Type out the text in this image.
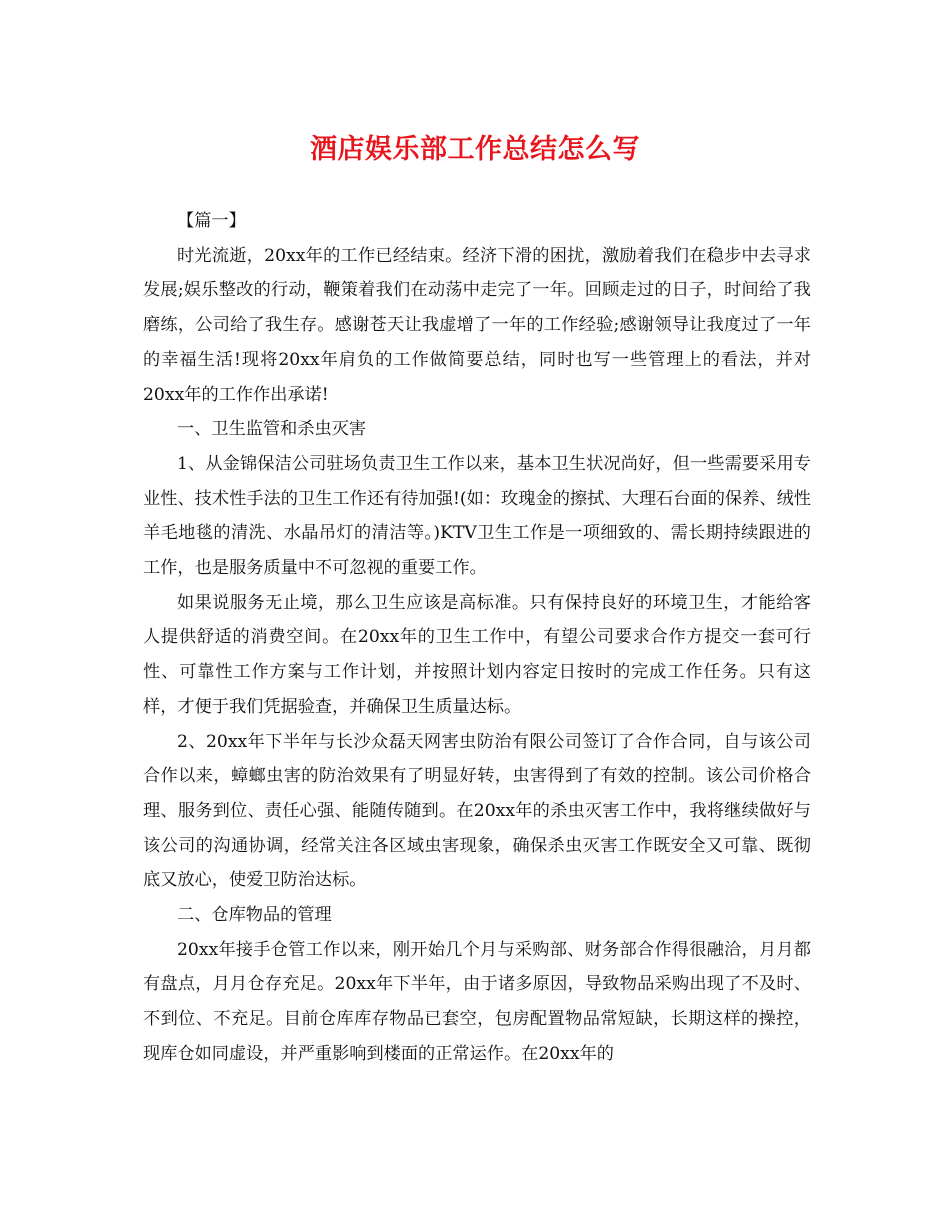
酒店娱乐部工作总结怎么写

【篇一】

时光流逝，20xx年的工作已经结束。经济下滑的困扰，激励着我们在稳步中去寻求发展;娱乐整改的行动，鞭策着我们在动荡中走完了一年。回顾走过的日子，时间给了我磨练，公司给了我生存。感谢苍天让我虚增了一年的工作经验;感谢领导让我度过了一年的幸福生活!现将20xx年肩负的工作做简要总结，同时也写一些管理上的看法，并对20xx年的工作作出承诺!

一、卫生监管和杀虫灭害

1、从金锦保洁公司驻场负责卫生工作以来，基本卫生状况尚好，但一些需要采用专业性、技术性手法的卫生工作还有待加强!(如：玫瑰金的擦拭、大理石台面的保养、绒性羊毛地毯的清洗、水晶吊灯的清洁等。)KTV卫生工作是一项细致的、需长期持续跟进的工作，也是服务质量中不可忽视的重要工作。

如果说服务无止境，那么卫生应该是高标准。只有保持良好的环境卫生，才能给客人提供舒适的消费空间。在20xx年的卫生工作中，有望公司要求合作方提交一套可行性、可靠性工作方案与工作计划，并按照计划内容定日按时的完成工作任务。只有这样，才便于我们凭据验查，并确保卫生质量达标。

2、20xx年下半年与长沙众磊天网害虫防治有限公司签订了合作合同，自与该公司合作以来，蟑螂虫害的防治效果有了明显好转，虫害得到了有效的控制。该公司价格合理、服务到位、责任心强、能随传随到。在20xx年的杀虫灭害工作中，我将继续做好与该公司的沟通协调，经常关注各区域虫害现象，确保杀虫灭害工作既安全又可靠、既彻底又放心，使爱卫防治达标。

二、仓库物品的管理

20xx年接手仓管工作以来，刚开始几个月与采购部、财务部合作得很融洽，月月都有盘点，月月仓存充足。20xx年下半年，由于诸多原因，导致物品采购出现了不及时、不到位、不充足。目前仓库库存物品已套空，包房配置物品常短缺，长期这样的操控，现库仓如同虚设，并严重影响到楼面的正常运作。在20xx年的
